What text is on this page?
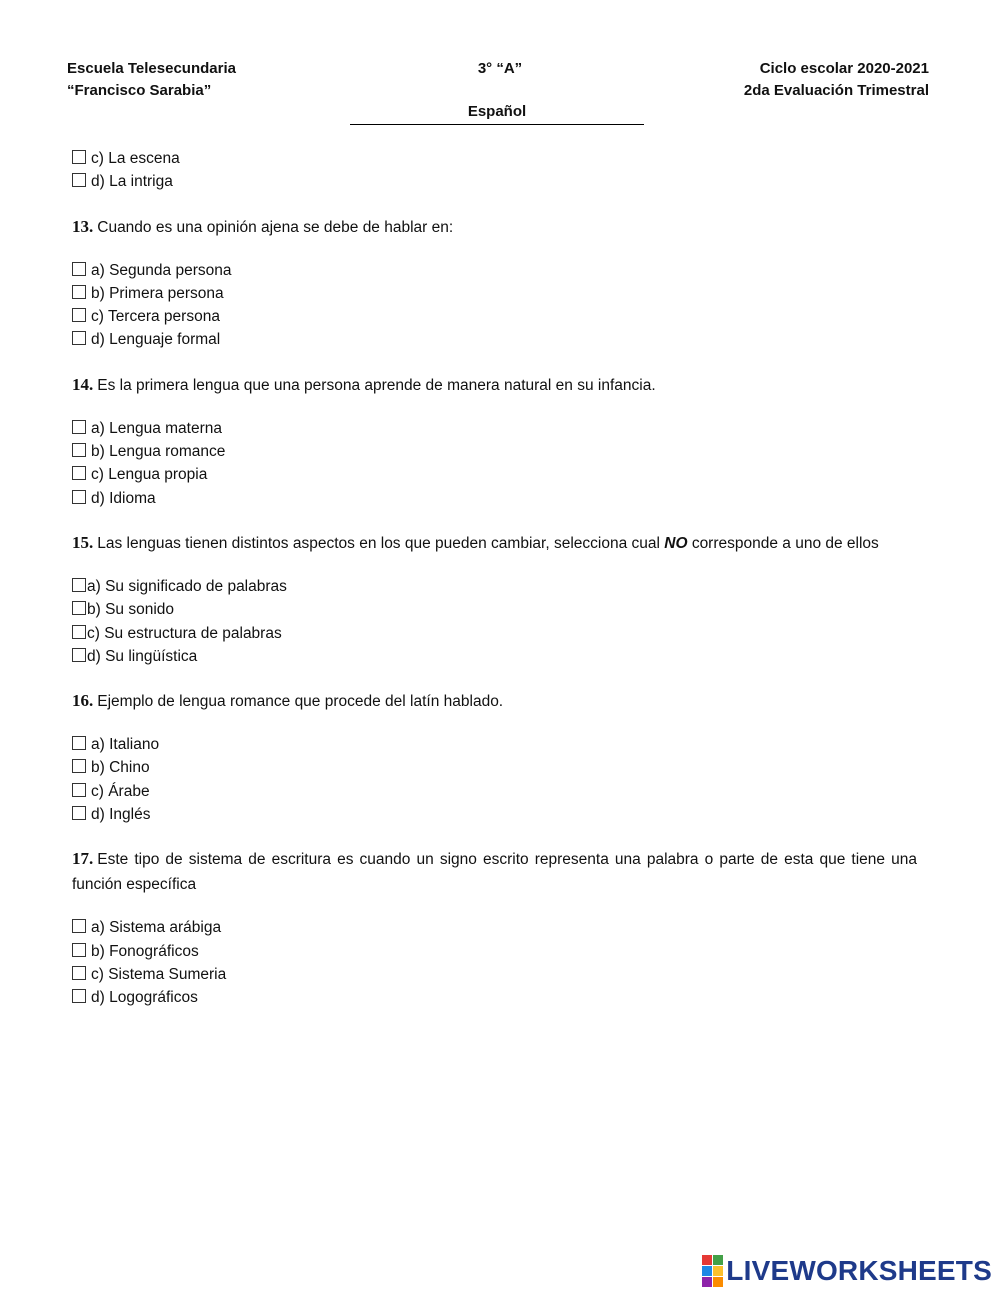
Escuela Telesecundaria
“Francisco Sarabia”
3° “A”	Ciclo escolar 2020-2021
2da Evaluación Trimestral
Español
c) La escena
d) La intriga
13. Cuando es una opinión ajena se debe de hablar en:
a) Segunda persona
b) Primera persona
c) Tercera persona
d) Lenguaje formal
14. Es la primera lengua que una persona aprende de manera natural en su infancia.
a) Lengua materna
b) Lengua romance
c) Lengua propia
d) Idioma
15. Las lenguas tienen distintos aspectos en los que pueden cambiar, selecciona cual NO corresponde a uno de ellos
a) Su significado de palabras
b) Su sonido
c) Su estructura de palabras
d) Su lingüística
16. Ejemplo de lengua romance que procede del latín hablado.
a) Italiano
b) Chino
c) Árabe
d) Inglés
17. Este tipo de sistema de escritura es cuando un signo escrito representa una palabra o parte de esta que tiene una función específica
a) Sistema arábiga
b) Fonográficos
c) Sistema Sumeria
d) Logográficos
LIVEWORKSHEETS
